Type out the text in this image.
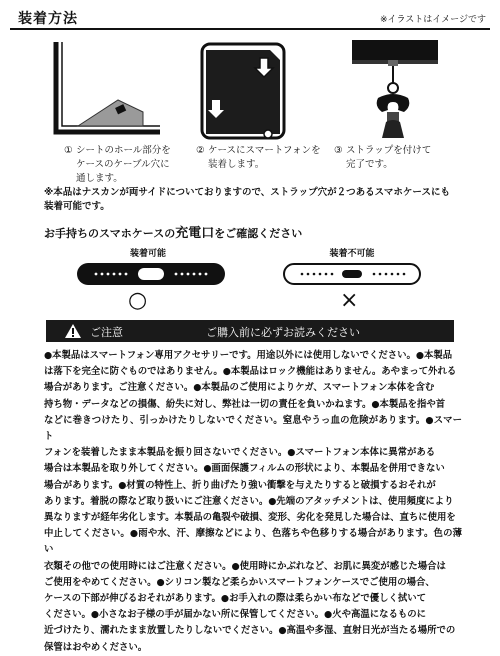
装着方法	※イラストはイメージです
① シートのホール部分を
ケースのケーブル穴に
通します。
② ケースにスマートフォンを
装着します。
③ ストラップを付けて
完了です。
※本品はナスカンが両サイドについておりますので、ストラップ穴が２つあるスマホケースにも
装着可能です。
お手持ちのスマホケースの充電口をご確認ください
装着可能	装着不可能
○	×
ご注意	ご購入前に必ずお読みください
●本製品はスマートフォン専用アクセサリーです。用途以外には使用しないでください。●本製品
は落下を完全に防ぐものではありません。●本製品はロック機能はありません。あやまって外れる
場合があります。ご注意ください。●本製品のご使用によりケガ、スマートフォン本体を含む
持ち物・データなどの損傷、紛失に対し、弊社は一切の責任を負いかねます。●本製品を指や首
などに巻きつけたり、引っかけたりしないでください。窒息やうっ血の危険があります。●スマート
フォンを装着したまま本製品を振り回さないでください。●スマートフォン本体に異常がある
場合は本製品を取り外してください。●画面保護フィルムの形状により、本製品を併用できない
場合があります。●材質の特性上、折り曲げたり強い衝撃を与えたりすると破損するおそれが
あります。着脱の際など取り扱いにご注意ください。●先端のアタッチメントは、使用頻度により
異なりますが経年劣化します。本製品の亀裂や破損、変形、劣化を発見した場合は、直ちに使用を
中止してください。●雨や水、汗、摩擦などにより、色落ちや色移りする場合があります。色の薄い
衣類その他での使用時にはご注意ください。●使用時にかぶれなど、お肌に異変が感じた場合は
ご使用をやめてください。●シリコン製など柔らかいスマートフォンケースでご使用の場合、
ケースの下部が伸びるおそれがあります。●お手入れの際は柔らかい布などで優しく拭いて
ください。●小さなお子様の手が届かない所に保管してください。●火や高温になるものに
近づけたり、濡れたまま放置したりしないでください。●高温や多湿、直射日光が当たる場所での
保管はおやめください。
